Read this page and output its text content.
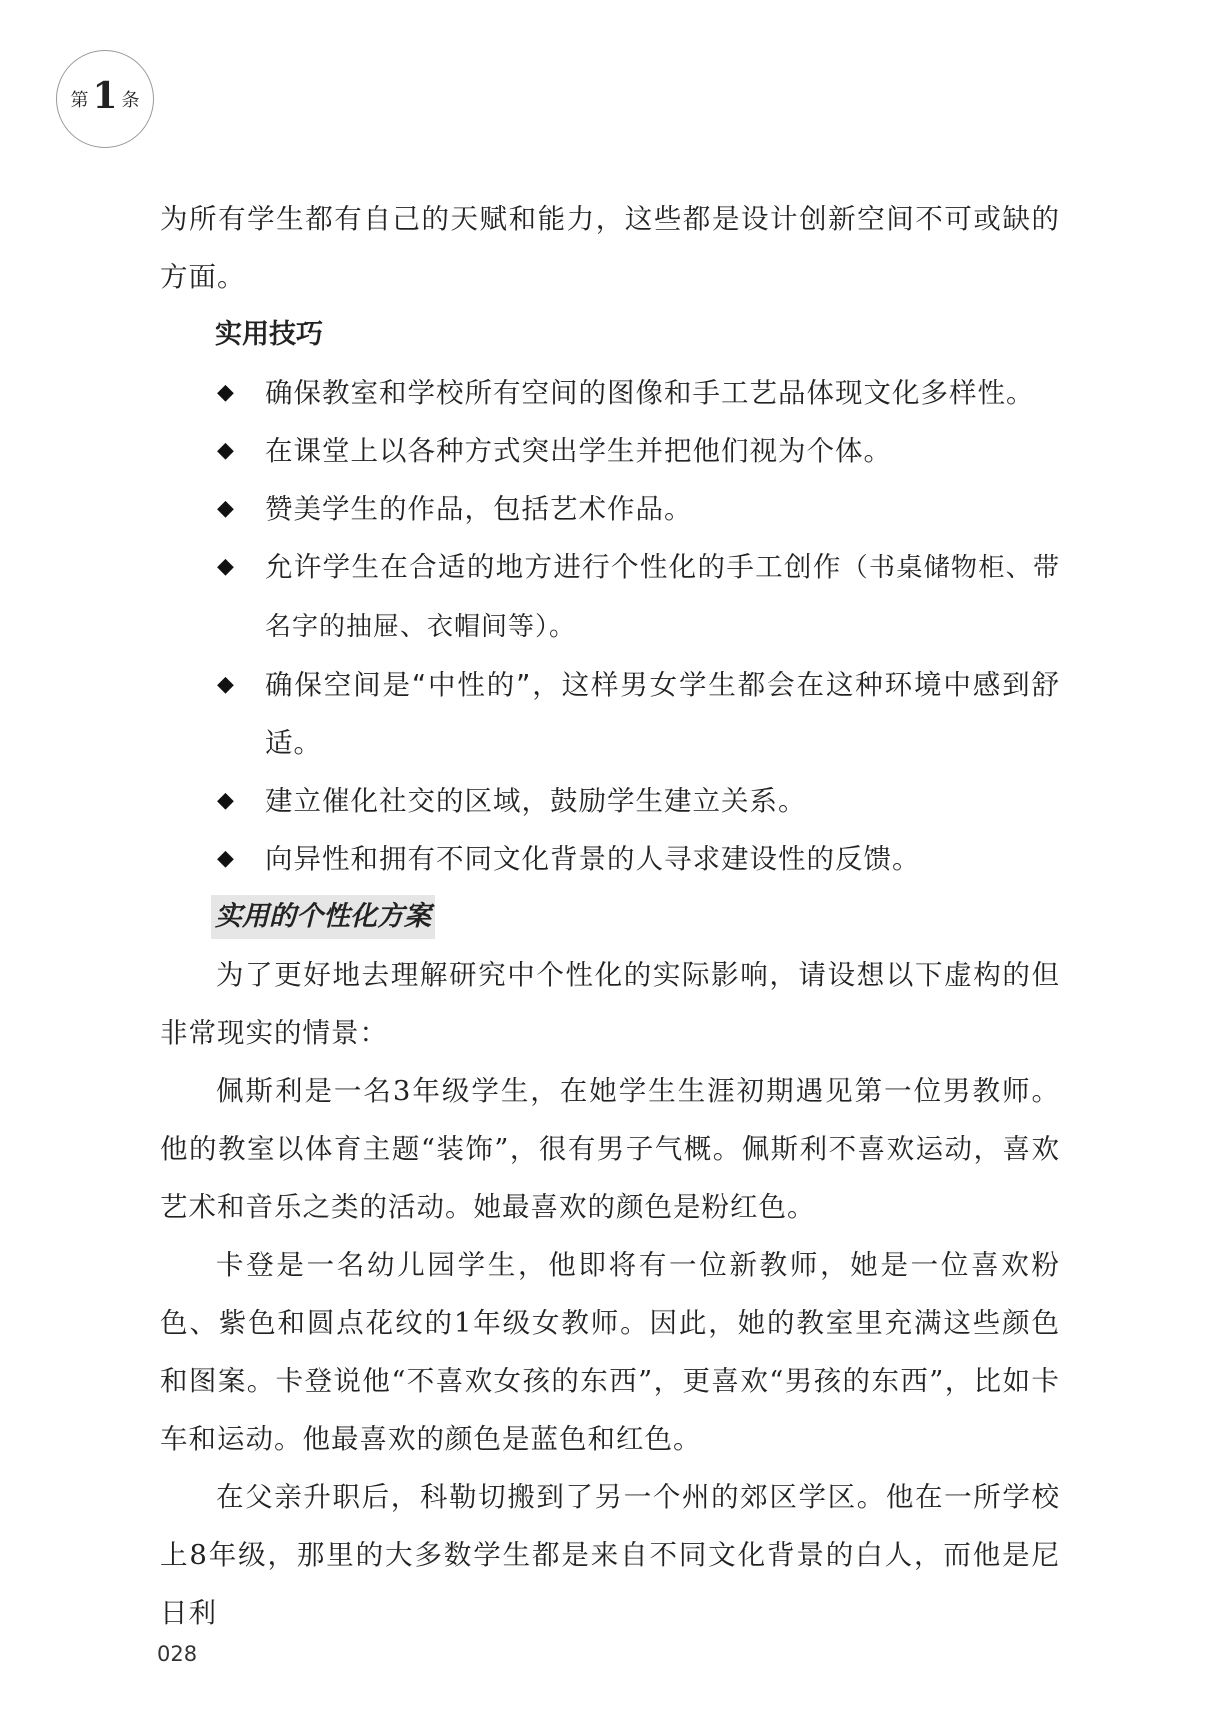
第 1 条

为所有学生都有自己的天赋和能力，这些都是设计创新空间不可或缺的方面。

实用技巧
◆ 确保教室和学校所有空间的图像和手工艺品体现文化多样性。
◆ 在课堂上以各种方式突出学生并把他们视为个体。
◆ 赞美学生的作品，包括艺术作品。
◆ 允许学生在合适的地方进行个性化的手工创作（书桌储物柜、带名字的抽屉、衣帽间等）。
◆ 确保空间是“中性的”，这样男女学生都会在这种环境中感到舒适。
◆ 建立催化社交的区域，鼓励学生建立关系。
◆ 向异性和拥有不同文化背景的人寻求建设性的反馈。
实用的个性化方案

为了更好地去理解研究中个性化的实际影响，请设想以下虚构的但非常现实的情景：

佩斯利是一名3年级学生，在她学生生涯初期遇见第一位男教师。他的教室以体育主题“装饰”，很有男子气概。佩斯利不喜欢运动，喜欢艺术和音乐之类的活动。她最喜欢的颜色是粉红色。

卡登是一名幼儿园学生，他即将有一位新教师，她是一位喜欢粉色、紫色和圆点花纹的1年级女教师。因此，她的教室里充满这些颜色和图案。卡登说他“不喜欢女孩的东西”，更喜欢“男孩的东西”，比如卡车和运动。他最喜欢的颜色是蓝色和红色。

在父亲升职后，科勒切搬到了另一个州的郊区学区。他在一所学校上8年级，那里的大多数学生都是来自不同文化背景的白人，而他是尼日利

028
